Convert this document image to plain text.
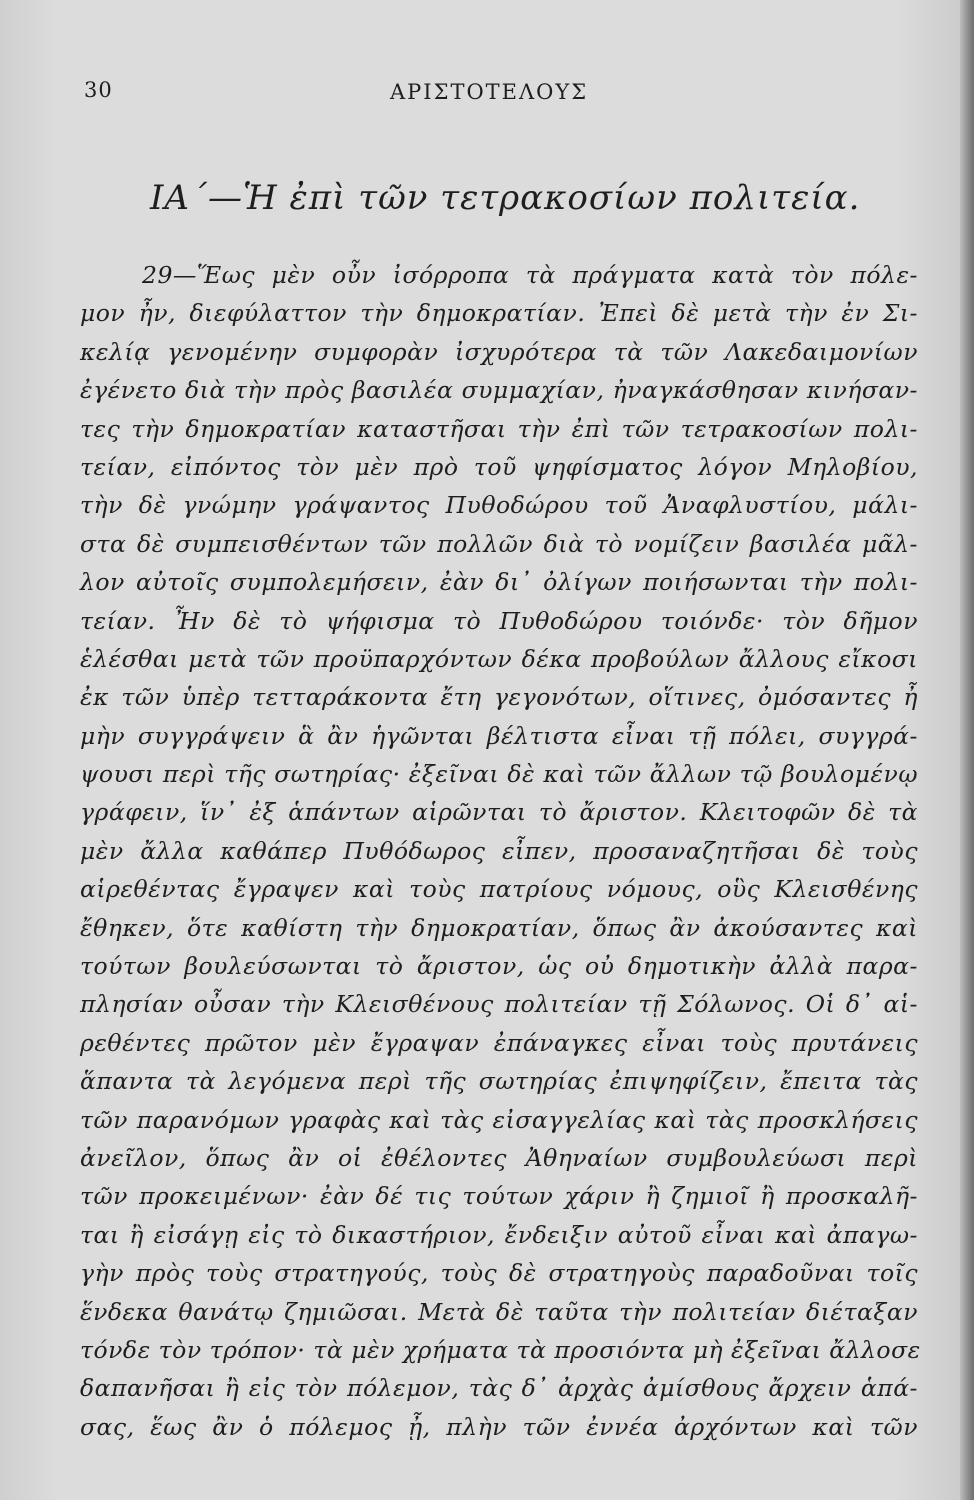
30	ΑΡΙΣΤΟΤΕΛΟΥΣ
ΙΑ΄—Ἡ ἐπὶ τῶν τετρακοσίων πολιτεία.
29—Ἕως μὲν οὖν ἰσόρροπα τὰ πράγματα κατὰ τὸν πόλε-
μον ἦν, διεφύλαττον τὴν δημοκρατίαν. Ἐπεὶ δὲ μετὰ τὴν ἐν Σι-
κελίᾳ γενομένην συμφορὰν ἰσχυρότερα τὰ τῶν Λακεδαιμονίων
ἐγένετο διὰ τὴν πρὸς βασιλέα συμμαχίαν, ἠναγκάσθησαν κινήσαν-
τες τὴν δημοκρατίαν καταστῆσαι τὴν ἐπὶ τῶν τετρακοσίων πολι-
τείαν, εἰπόντος τὸν μὲν πρὸ τοῦ ψηφίσματος λόγον Μηλοβίου,
τὴν δὲ γνώμην γράψαντος Πυθοδώρου τοῦ Ἀναφλυστίου, μάλι-
στα δὲ συμπεισθέντων τῶν πολλῶν διὰ τὸ νομίζειν βασιλέα μᾶλ-
λον αὐτοῖς συμπολεμήσειν, ἐὰν δι᾽ ὀλίγων ποιήσωνται τὴν πολι-
τείαν. Ἦν δὲ τὸ ψήφισμα τὸ Πυθοδώρου τοιόνδε· τὸν δῆμον
ἑλέσθαι μετὰ τῶν προϋπαρχόντων δέκα προβούλων ἄλλους εἴκοσι
ἐκ τῶν ὑπὲρ τετταράκοντα ἔτη γεγονότων, οἵτινες, ὀμόσαντες ἦ
μὴν συγγράψειν ἃ ἂν ἡγῶνται βέλτιστα εἶναι τῇ πόλει, συγγρά-
ψουσι περὶ τῆς σωτηρίας· ἐξεῖναι δὲ καὶ τῶν ἄλλων τῷ βουλομένῳ
γράφειν, ἵν᾽ ἐξ ἁπάντων αἱρῶνται τὸ ἄριστον. Κλειτοφῶν δὲ τὰ
μὲν ἄλλα καθάπερ Πυθόδωρος εἶπεν, προσαναζητῆσαι δὲ τοὺς
αἱρεθέντας ἔγραψεν καὶ τοὺς πατρίους νόμους, οὓς Κλεισθένης
ἔθηκεν, ὅτε καθίστη τὴν δημοκρατίαν, ὅπως ἂν ἀκούσαντες καὶ
τούτων βουλεύσωνται τὸ ἄριστον, ὡς οὐ δημοτικὴν ἀλλὰ παρα-
πλησίαν οὖσαν τὴν Κλεισθένους πολιτείαν τῇ Σόλωνος. Οἱ δ᾽ αἱ-
ρεθέντες πρῶτον μὲν ἔγραψαν ἐπάναγκες εἶναι τοὺς πρυτάνεις
ἅπαντα τὰ λεγόμενα περὶ τῆς σωτηρίας ἐπιψηφίζειν, ἔπειτα τὰς
τῶν παρανόμων γραφὰς καὶ τὰς εἰσαγγελίας καὶ τὰς προσκλήσεις
ἀνεῖλον, ὅπως ἂν οἱ ἐθέλοντες Ἀθηναίων συμβουλεύωσι περὶ
τῶν προκειμένων· ἐὰν δέ τις τούτων χάριν ἢ ζημιοῖ ἢ προσκαλῆ-
ται ἢ εἰσάγῃ εἰς τὸ δικαστήριον, ἔνδειξιν αὐτοῦ εἶναι καὶ ἀπαγω-
γὴν πρὸς τοὺς στρατηγούς, τοὺς δὲ στρατηγοὺς παραδοῦναι τοῖς
ἕνδεκα θανάτῳ ζημιῶσαι. Μετὰ δὲ ταῦτα τὴν πολιτείαν διέταξαν
τόνδε τὸν τρόπον· τὰ μὲν χρήματα τὰ προσιόντα μὴ ἐξεῖναι ἄλλοσε
δαπανῆσαι ἢ εἰς τὸν πόλεμον, τὰς δ᾽ ἀρχὰς ἀμίσθους ἄρχειν ἁπά-
σας, ἕως ἂν ὁ πόλεμος ᾖ, πλὴν τῶν ἐννέα ἀρχόντων καὶ τῶν
